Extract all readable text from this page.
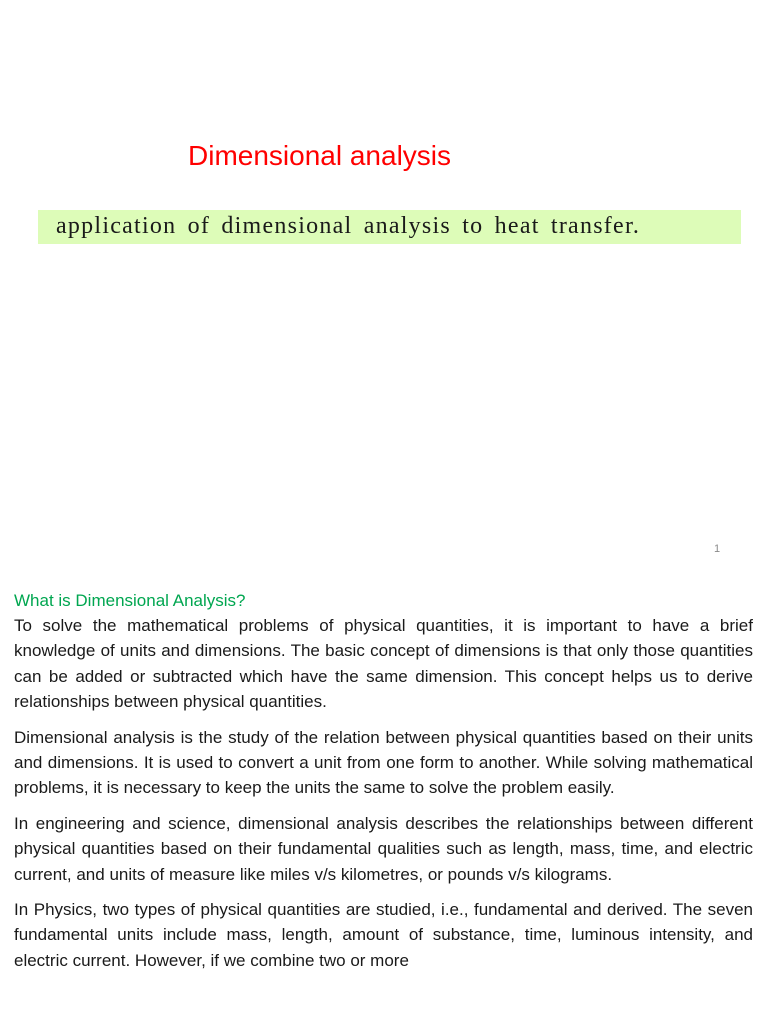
Dimensional analysis
application of dimensional analysis to heat transfer.
1
What is Dimensional Analysis?

To solve the mathematical problems of physical quantities, it is important to have a brief knowledge of units and dimensions. The basic concept of dimensions is that only those quantities can be added or subtracted which have the same dimension. This concept helps us to derive relationships between physical quantities.

Dimensional analysis is the study of the relation between physical quantities based on their units and dimensions. It is used to convert a unit from one form to another. While solving mathematical problems, it is necessary to keep the units the same to solve the problem easily.

In engineering and science, dimensional analysis describes the relationships between different physical quantities based on their fundamental qualities such as length, mass, time, and electric current, and units of measure like miles v/s kilometres, or pounds v/s kilograms.

In Physics, two types of physical quantities are studied, i.e., fundamental and derived. The seven fundamental units include mass, length, amount of substance, time, luminous intensity, and electric current. However, if we combine two or more
